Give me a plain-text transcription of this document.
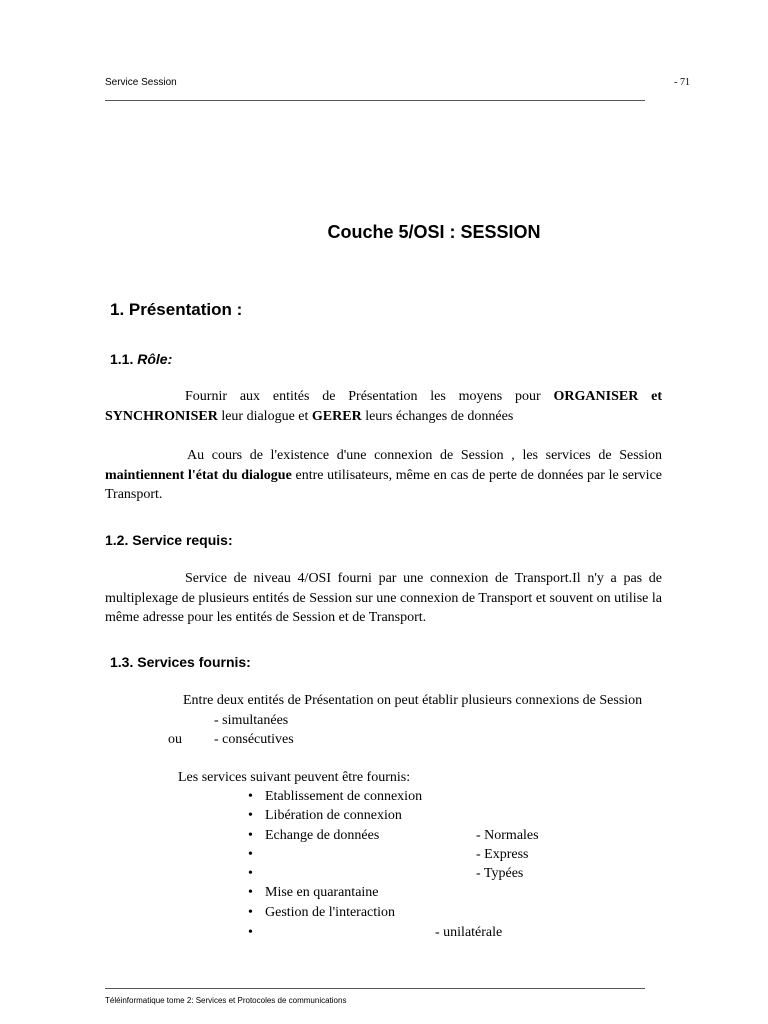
Service Session	- 71
Couche 5/OSI : SESSION
1. Présentation :
1.1. Rôle:
Fournir aux entités de Présentation les moyens pour ORGANISER et SYNCHRONISER leur dialogue et GERER leurs échanges de données
Au cours de l'existence d'une connexion de Session , les services de Session maintiennent l'état du dialogue entre utilisateurs, même en cas de perte de données par le service Transport.
1.2. Service requis:
Service de niveau 4/OSI fourni par une connexion de Transport.Il n'y a pas de multiplexage de plusieurs entités de Session sur une connexion de Transport et souvent on utilise la même adresse pour les entités de Session et de Transport.
1.3. Services fournis:
Entre deux entités de Présentation on peut établir plusieurs connexions de Session
- simultanées
ou - consécutives
Les services suivant peuvent être fournis:
• Etablissement de connexion
• Libération de connexion
• Echange de données	- Normales
•	- Express
•	- Typées
• Mise en quarantaine
• Gestion de l'interaction
•	- unilatérale
Téléinformatique tome 2: Services et Protocoles de communications
